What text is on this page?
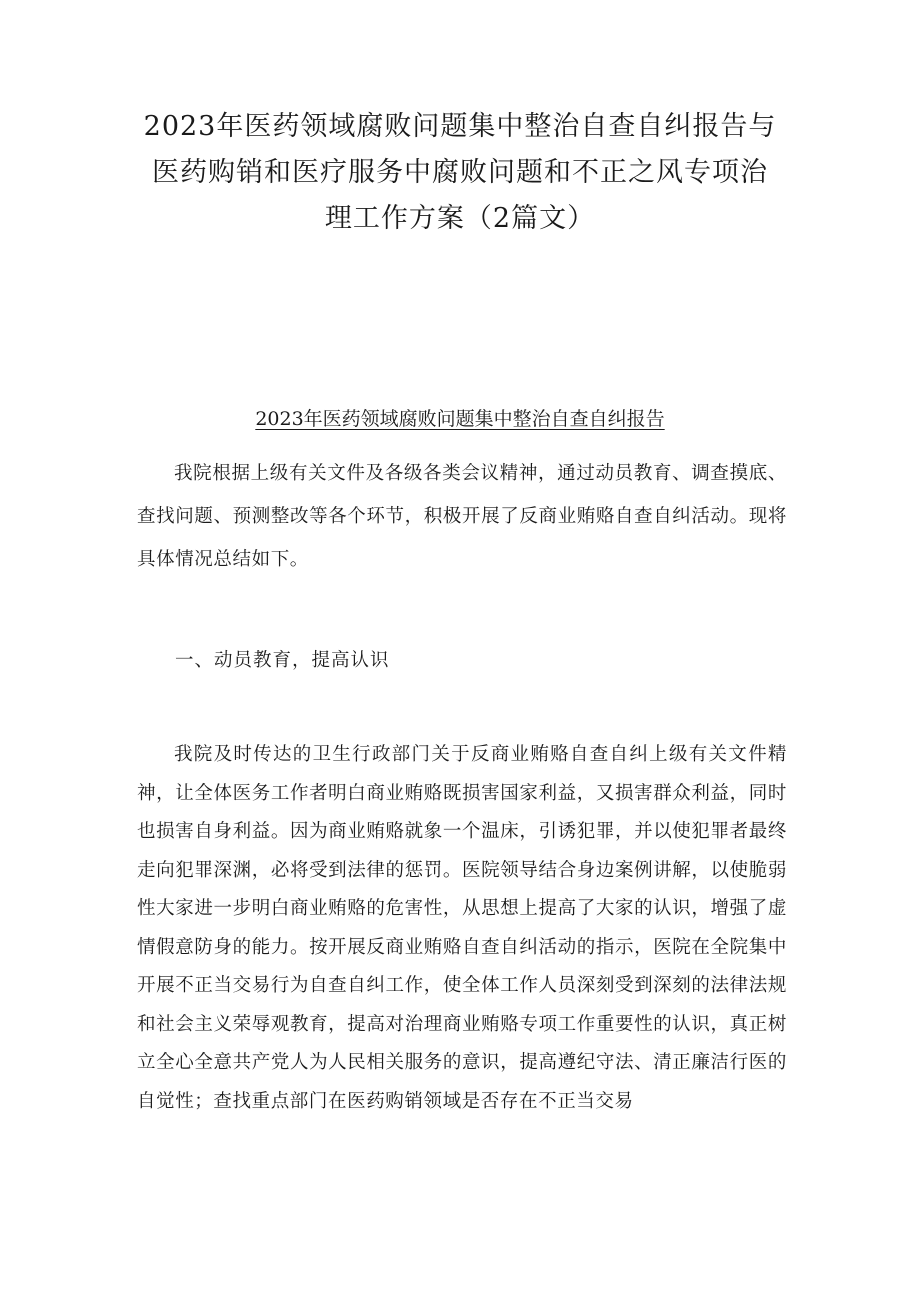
2023年医药领域腐败问题集中整治自查自纠报告与
医药购销和医疗服务中腐败问题和不正之风专项治
理工作方案（2篇文）
2023年医药领域腐败问题集中整治自查自纠报告

我院根据上级有关文件及各级各类会议精神，通过动员教育、调查摸底、查找问题、预测整改等各个环节，积极开展了反商业贿赂自查自纠活动。现将具体情况总结如下。

一、动员教育，提高认识

我院及时传达的卫生行政部门关于反商业贿赂自查自纠上级有关文件精神，让全体医务工作者明白商业贿赂既损害国家利益，又损害群众利益，同时也损害自身利益。因为商业贿赂就象一个温床，引诱犯罪，并以使犯罪者最终走向犯罪深渊，必将受到法律的惩罚。医院领导结合身边案例讲解，以使脆弱性大家进一步明白商业贿赂的危害性，从思想上提高了大家的认识，增强了虚情假意防身的能力。按开展反商业贿赂自查自纠活动的指示，医院在全院集中开展不正当交易行为自查自纠工作，使全体工作人员深刻受到深刻的法律法规和社会主义荣辱观教育，提高对治理商业贿赂专项工作重要性的认识，真正树立全心全意共产党人为人民相关服务的意识，提高遵纪守法、清正廉洁行医的自觉性；查找重点部门在医药购销领域是否存在不正当交易
